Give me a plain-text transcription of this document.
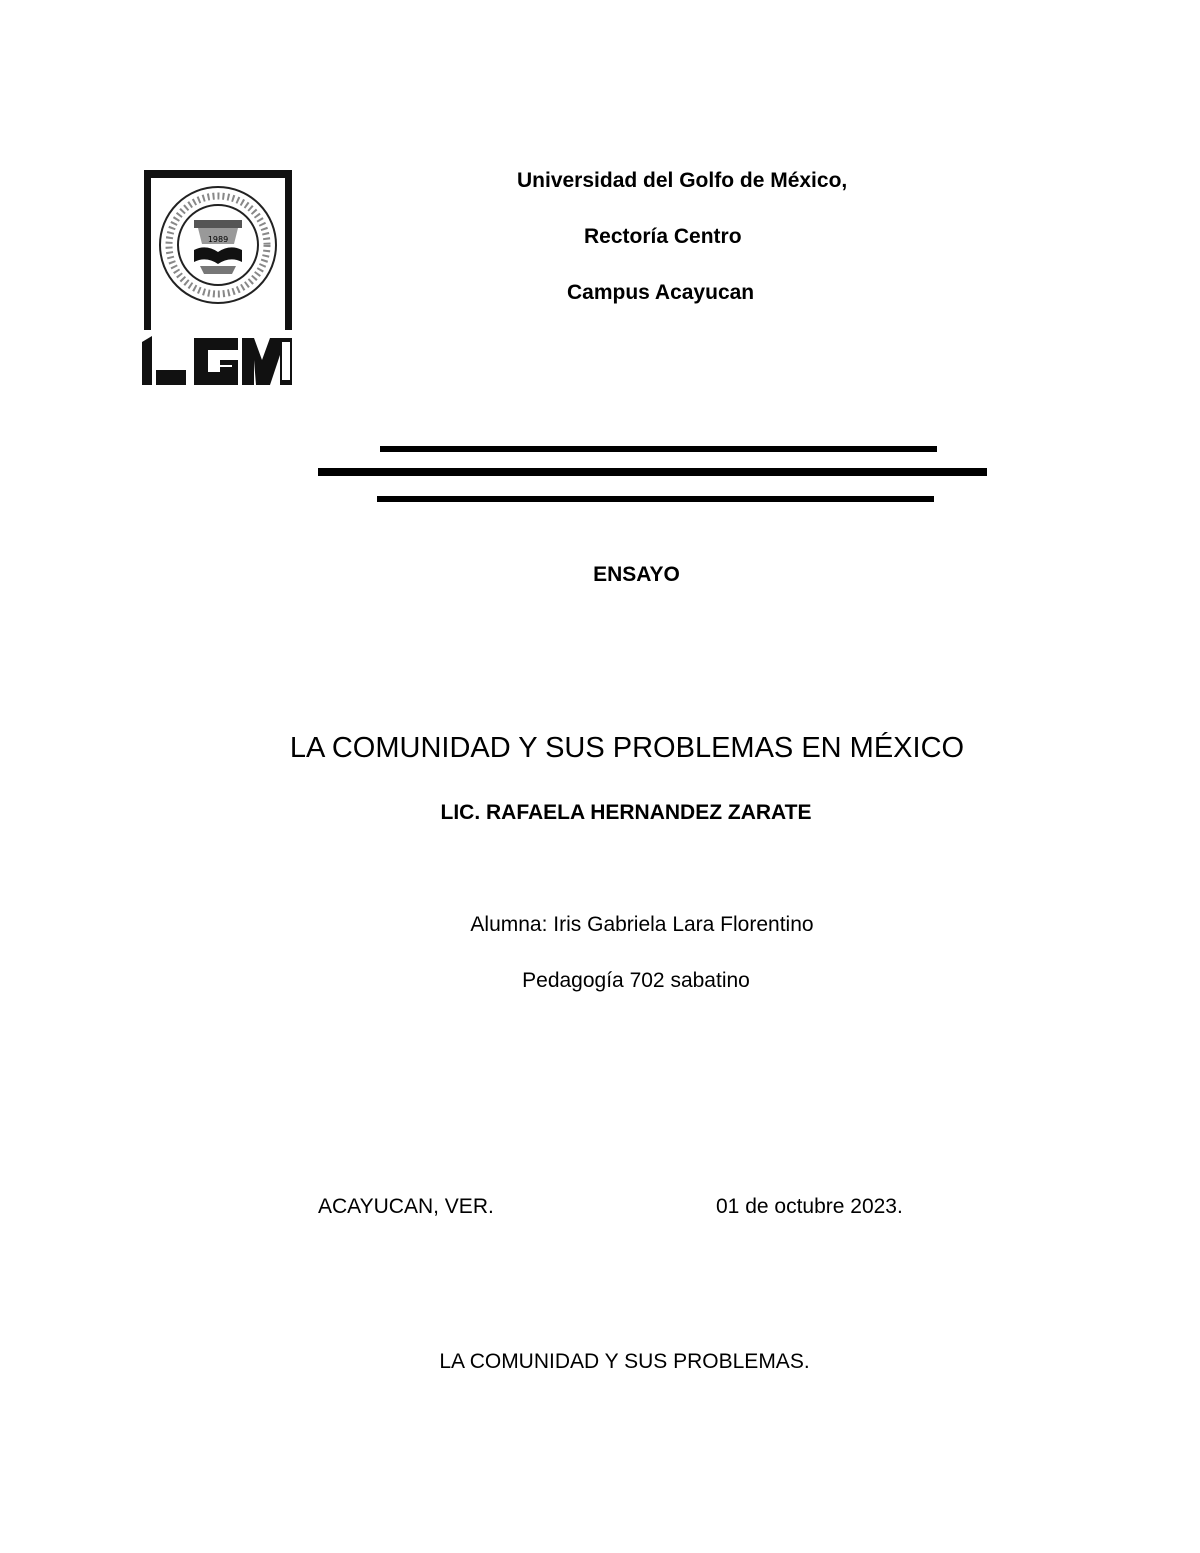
1989
Universidad del Golfo de México,
Rectoría Centro
Campus Acayucan
ENSAYO
LA COMUNIDAD Y SUS PROBLEMAS EN MÉXICO
LIC. RAFAELA HERNANDEZ ZARATE
Alumna: Iris Gabriela Lara Florentino
Pedagogía 702 sabatino
ACAYUCAN, VER.	01 de octubre 2023.
LA COMUNIDAD Y SUS PROBLEMAS.
